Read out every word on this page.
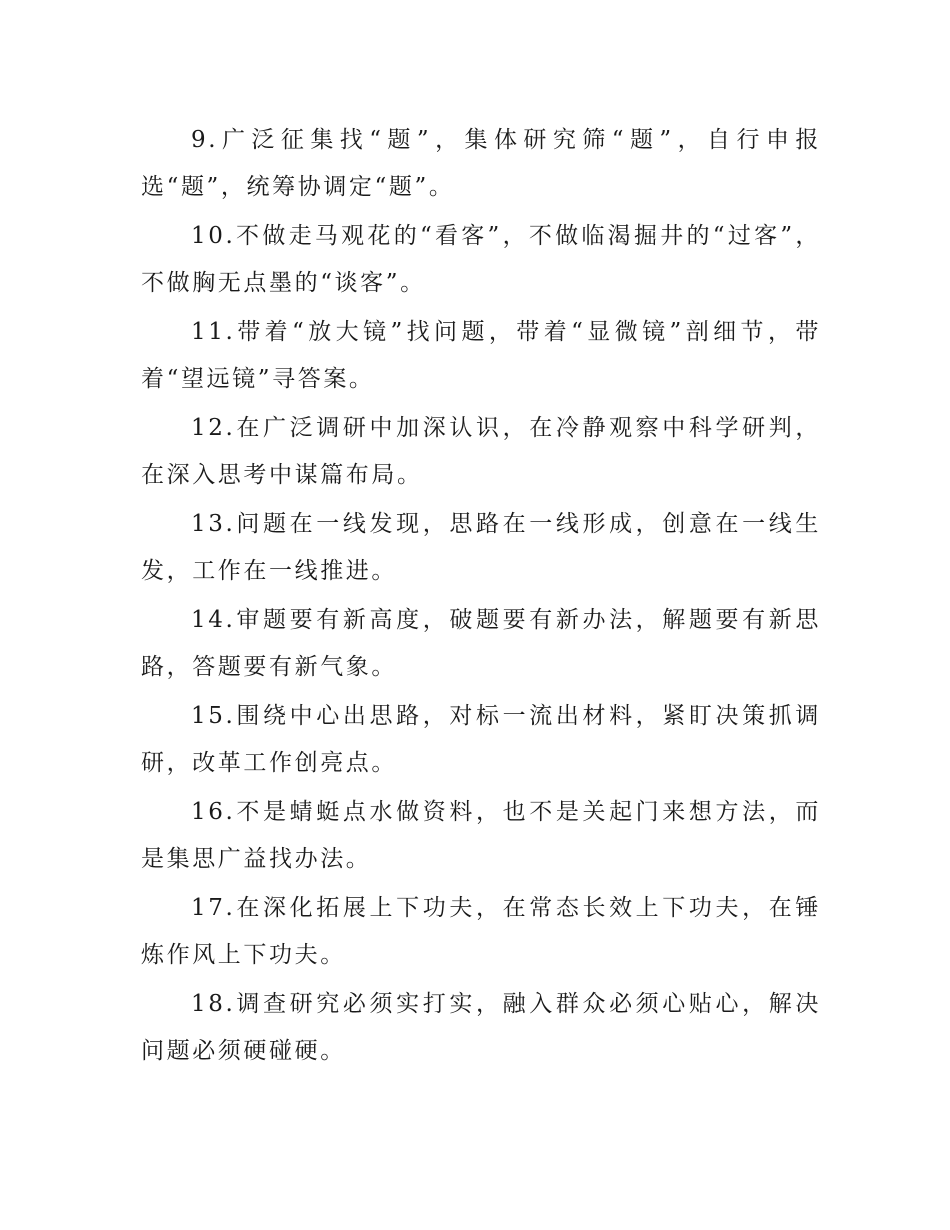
9.广泛征集找“题”，集体研究筛“题”，自行申报选“题”，统筹协调定“题”。

10.不做走马观花的“看客”，不做临渴掘井的“过客”，不做胸无点墨的“谈客”。

11.带着“放大镜”找问题，带着“显微镜”剖细节，带着“望远镜”寻答案。

12.在广泛调研中加深认识，在冷静观察中科学研判，在深入思考中谋篇布局。

13.问题在一线发现，思路在一线形成，创意在一线生发，工作在一线推进。

14.审题要有新高度，破题要有新办法，解题要有新思路，答题要有新气象。

15.围绕中心出思路，对标一流出材料，紧盯决策抓调研，改革工作创亮点。

16.不是蜻蜓点水做资料，也不是关起门来想方法，而是集思广益找办法。

17.在深化拓展上下功夫，在常态长效上下功夫，在锤炼作风上下功夫。

18.调查研究必须实打实，融入群众必须心贴心，解决问题必须硬碰硬。
